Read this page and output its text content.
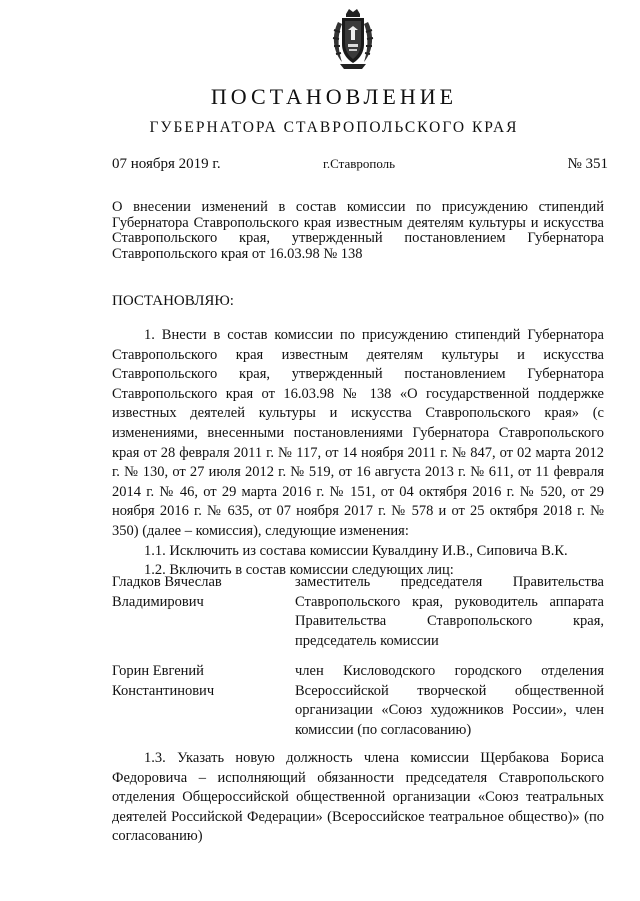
ПОСТАНОВЛЕНИЕ
ГУБЕРНАТОРА СТАВРОПОЛЬСКОГО КРАЯ
07 ноября 2019 г.	г.Ставрополь	№ 351
О внесении изменений в состав комиссии по присуждению стипендий Губернатора Ставропольского края известным деятелям культуры и искусства Ставропольского края, утвержденный постановлением Губернатора Ставропольского края от 16.03.98 № 138
ПОСТАНОВЛЯЮ:

1. Внести в состав комиссии по присуждению стипендий Губернатора Ставропольского края известным деятелям культуры и искусства Ставропольского края, утвержденный постановлением Губернатора Ставропольского края от 16.03.98 № 138 «О государственной поддержке известных деятелей культуры и искусства Ставропольского края» (с изменениями, внесенными постановлениями Губернатора Ставропольского края от 28 февраля 2011 г. № 117, от 14 ноября 2011 г. № 847, от 02 марта 2012 г. № 130, от 27 июля 2012 г. № 519, от 16 августа 2013 г. № 611, от 11 февраля 2014 г. № 46, от 29 марта 2016 г. № 151, от 04 октября 2016 г. № 520, от 29 ноября 2016 г. № 635, от 07 ноября 2017 г. № 578 и от 25 октября 2018 г. № 350) (далее – комиссия), следующие изменения:

1.1. Исключить из состава комиссии Кувалдину И.В., Сиповича В.К.

1.2. Включить в состав комиссии следующих лиц:

Гладков Вячеслав Владимирович
заместитель председателя Правительства Ставропольского края, руководитель аппарата Правительства Ставропольского края, председатель комиссии
Горин Евгений Константинович
член Кисловодского городского отделения Всероссийской творческой общественной организации «Союз художников России», член комиссии (по согласованию)

1.3. Указать новую должность члена комиссии Щербакова Бориса Федоровича – исполняющий обязанности председателя Ставропольского отделения Общероссийской общественной организации «Союз театральных деятелей Российской Федерации» (Всероссийское театральное общество)» (по согласованию)
